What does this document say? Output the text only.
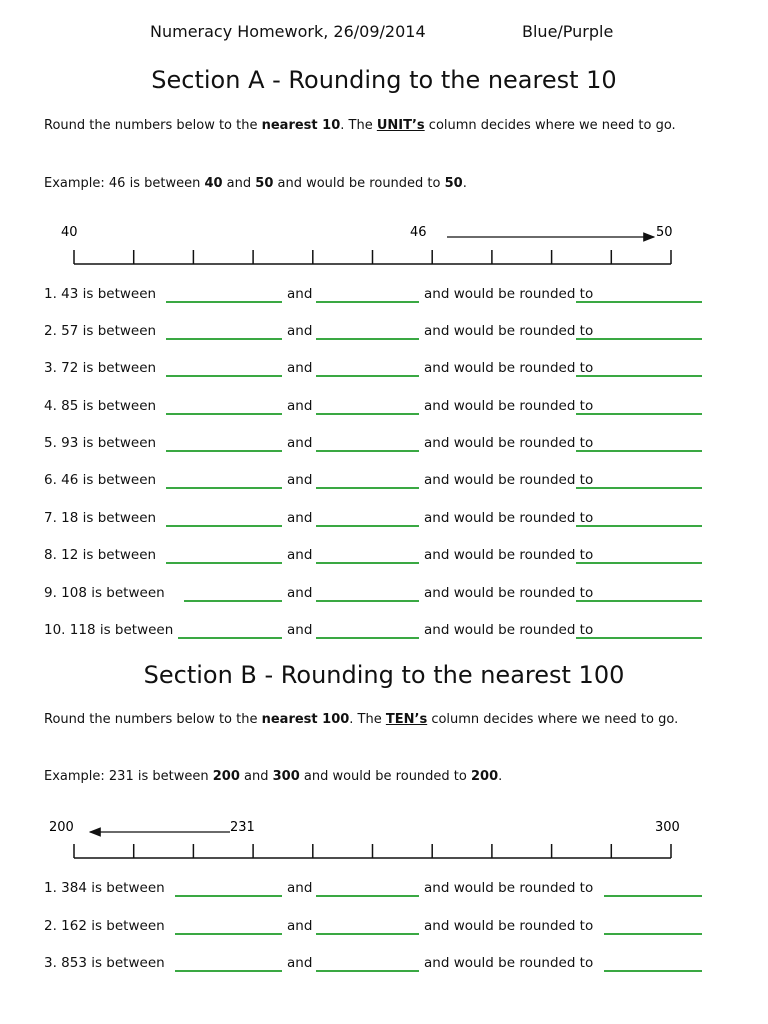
Numeracy Homework, 26/09/2014	Blue/Purple
Section A - Rounding to the nearest 10
Round the numbers below to the nearest 10. The UNIT’s column decides where we need to go.
Example: 46 is between 40 and 50 and would be rounded to 50.
40	46	50
1. 43 is between	and	and would be rounded to
2. 57 is between	and	and would be rounded to
3. 72 is between	and	and would be rounded to
4. 85 is between	and	and would be rounded to
5. 93 is between	and	and would be rounded to
6. 46 is between	and	and would be rounded to
7. 18 is between	and	and would be rounded to
8. 12 is between	and	and would be rounded to
9. 108 is between	and	and would be rounded to
10. 118 is between	and	and would be rounded to
Section B - Rounding to the nearest 100
Round the numbers below to the nearest 100. The TEN’s column decides where we need to go.
Example: 231 is between 200 and 300 and would be rounded to 200.
200	231	300
1. 384 is between	and	and would be rounded to
2. 162 is between	and	and would be rounded to
3. 853 is between	and	and would be rounded to
